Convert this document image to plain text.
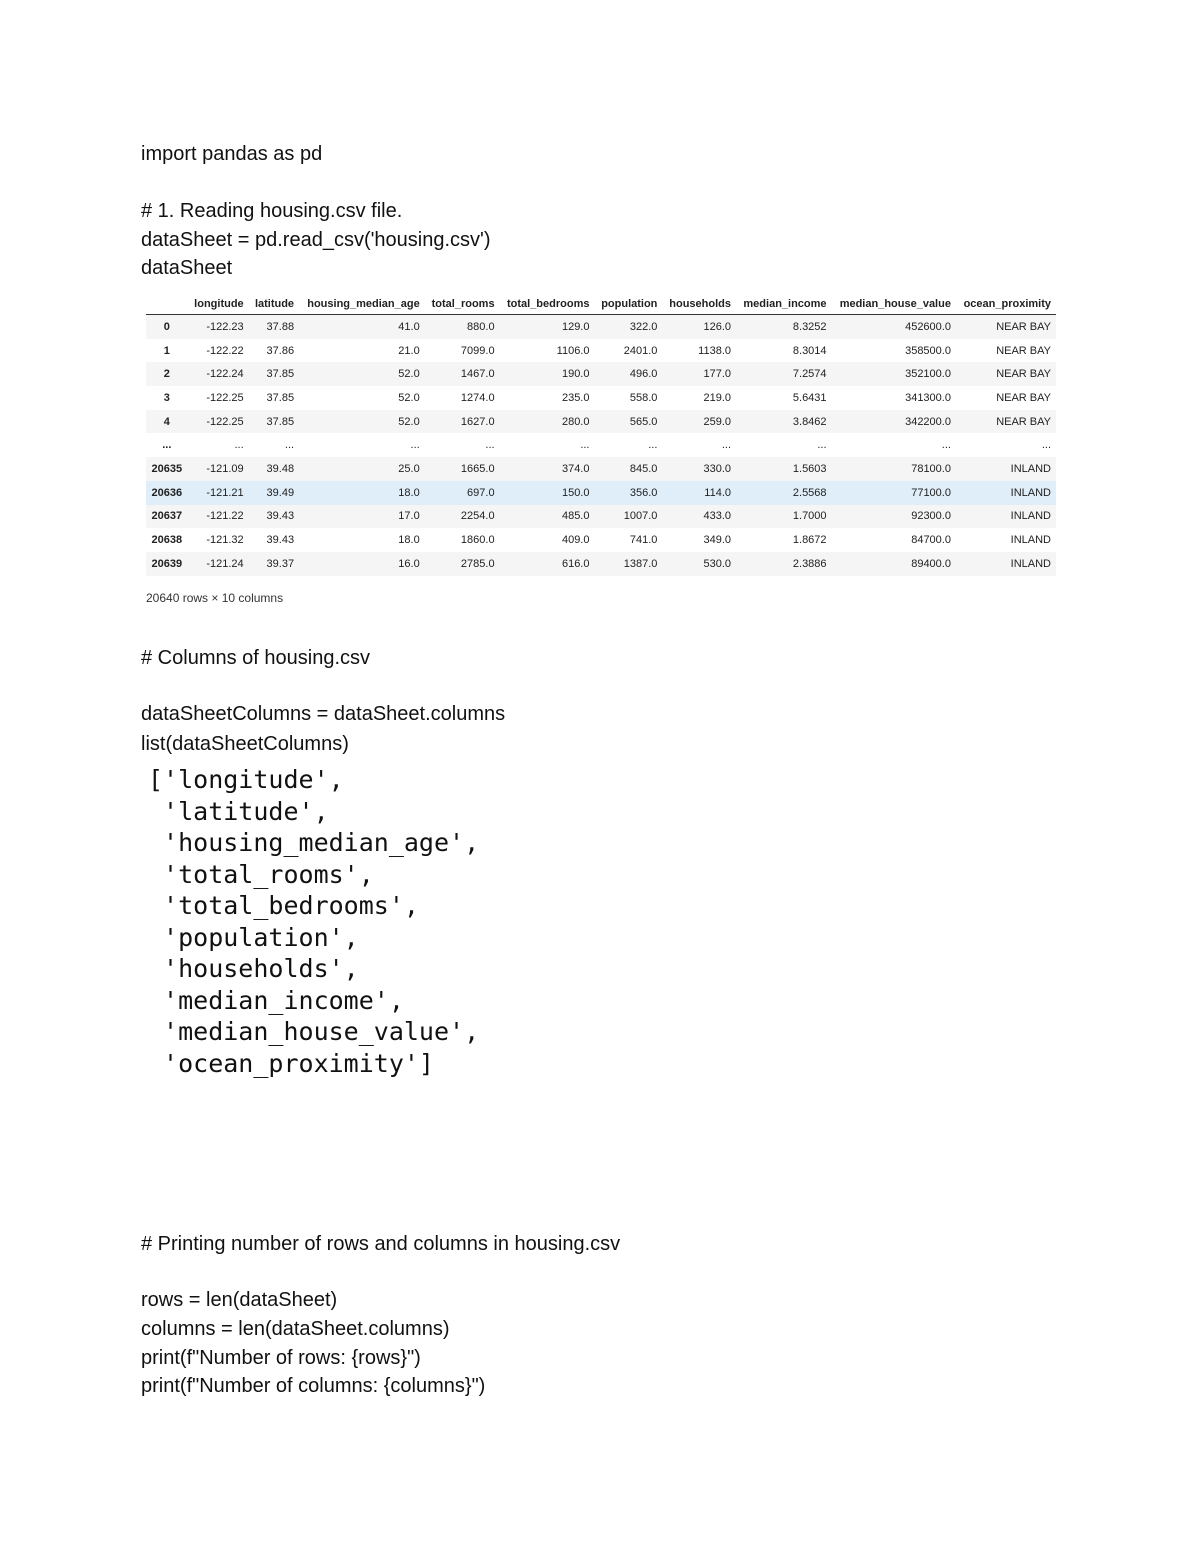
import pandas as pd
# 1. Reading housing.csv file.
dataSheet = pd.read_csv('housing.csv')
dataSheet
	longitude	latitude	housing_median_age	total_rooms	total_bedrooms	population	households	median_income	median_house_value	ocean_proximity
0	-122.23	37.88	41.0	880.0	129.0	322.0	126.0	8.3252	452600.0	NEAR BAY
1	-122.22	37.86	21.0	7099.0	1106.0	2401.0	1138.0	8.3014	358500.0	NEAR BAY
2	-122.24	37.85	52.0	1467.0	190.0	496.0	177.0	7.2574	352100.0	NEAR BAY
3	-122.25	37.85	52.0	1274.0	235.0	558.0	219.0	5.6431	341300.0	NEAR BAY
4	-122.25	37.85	52.0	1627.0	280.0	565.0	259.0	3.8462	342200.0	NEAR BAY
...	...	...	...	...	...	...	...	...	...	...
20635	-121.09	39.48	25.0	1665.0	374.0	845.0	330.0	1.5603	78100.0	INLAND
20636	-121.21	39.49	18.0	697.0	150.0	356.0	114.0	2.5568	77100.0	INLAND
20637	-121.22	39.43	17.0	2254.0	485.0	1007.0	433.0	1.7000	92300.0	INLAND
20638	-121.32	39.43	18.0	1860.0	409.0	741.0	349.0	1.8672	84700.0	INLAND
20639	-121.24	39.37	16.0	2785.0	616.0	1387.0	530.0	2.3886	89400.0	INLAND
20640 rows × 10 columns
# Columns of housing.csv
dataSheetColumns = dataSheet.columns
list(dataSheetColumns)
['longitude',
'latitude',
'housing_median_age',
'total_rooms',
'total_bedrooms',
'population',
'households',
'median_income',
'median_house_value',
'ocean_proximity']
# Printing number of rows and columns in housing.csv
rows = len(dataSheet)
columns = len(dataSheet.columns)
print(f"Number of rows: {rows}")
print(f"Number of columns: {columns}")
